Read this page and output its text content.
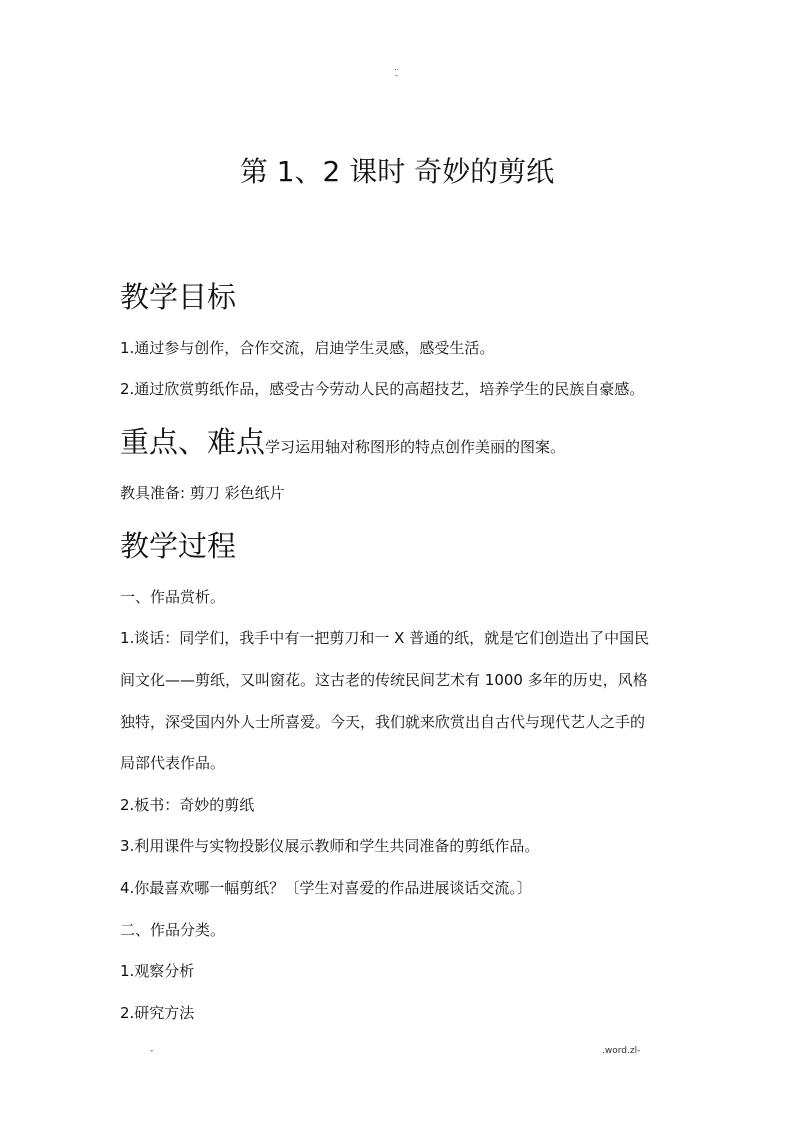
..
-
第 1、2 课时 奇妙的剪纸
教学目标
1.通过参与创作，合作交流，启迪学生灵感，感受生活。
2.通过欣赏剪纸作品，感受古今劳动人民的高超技艺，培养学生的民族自豪感。
重点、难点学习运用轴对称图形的特点创作美丽的图案。
教具准备: 剪刀 彩色纸片
教学过程
一、作品赏析。
1.谈话：同学们，我手中有一把剪刀和一 X 普通的纸，就是它们创造出了中国民
间文化——剪纸，又叫窗花。这古老的传统民间艺术有 1000 多年的历史，风格
独特，深受国内外人士所喜爱。今天，我们就来欣赏出自古代与现代艺人之手的
局部代表作品。
2.板书：奇妙的剪纸
3.利用课件与实物投影仪展示教师和学生共同准备的剪纸作品。
4.你最喜欢哪一幅剪纸？〔学生对喜爱的作品进展谈话交流。〕
二、作品分类。
1.观察分析
2.研究方法
-	.word.zl-
